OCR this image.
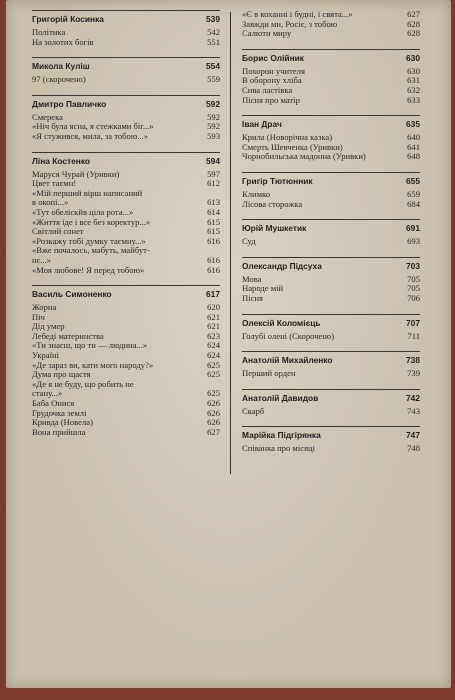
Григорій Косинка	539
Політика	542
На золотих богів	551
Микола Куліш	554
97 (скорочено)	559
Дмитро Павличко	592
Смерека	592
«Ніч була ясна, я стежками біг...»	592
«Я стужився, мила, за тобою...»	593
Ліна Костенко	594
Маруся Чурай (Уривки)	597
Цвет таємн!	612
«Мій перший вірш написаний
в окопі...»	613
«Тут обеліскйв ціла рота...»	614
«Життя іде і все без коректур...»	615
Світлий сонет	615
«Розкажу тобі думку таємну...»	616
«Вже почалось, мабуть, майбут-
нє...»	616
«Моя любове! Я перед тобою»	616
Василь Симоненко	617
Жорна	620
Піч	621
Дід умер	621
Лебеді материнства	623
«Ти знаєш, що ти — людина...»	624
Україні	624
«Де зараз ви, кати мого народу?»	625
Дума про щастя	625
«Де я не буду, що робить не
стану...»	625
Баба Онися	626
Грудочка землі	626
Кривда (Новела)	626
Вона прийшла	627
«Є в коханні і будні, і свята...»	627
Завжди ми, Росіє, з тобою	628
Салюти миру	628
Борис Олійник	630
Похорон учителя	630
В оборону хліба	631
Сива ластівка	632
Пісня про матір	633
Іван Драч	635
Крила (Новорічна казка)	640
Смерть Шевченка (Уривки)	641
Чорнобильська мадонна (Уривки)	648
Григір Тютюнник	655
Климко	659
Лісова сторожка	684
Юрій Мушкетик	691
Суд	693
Олександр Підсуха	703
Мова	705
Народе мій	705
Пісня	706
Олексій Коломієць	707
Голубі олені (Скорочено)	711
Анатолій Михайленко	738
Перший орден	739
Анатолій Давидов	742
Скарб	743
Марійка Підгірянка	747
Співанка про місяці	748
